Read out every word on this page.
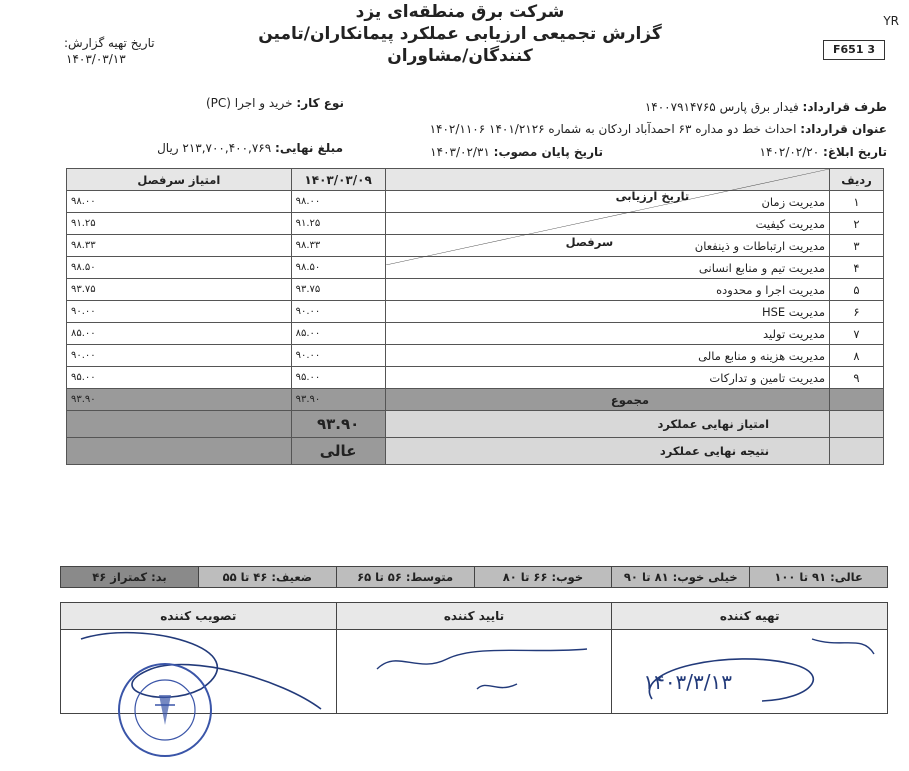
شرکت برق منطقه‌ای یزد
گزارش تجمیعی ارزیابی عملکرد پیمانکاران/تامین
کنندگان/مشاوران
YR
F651 3
تاریخ تهیه گزارش:
۱۴۰۳/۰۳/۱۳
طرف قرارداد: فیدار برق پارس ۱۴۰۰۷۹۱۴۷۶۵
نوع کار: خرید و اجرا (PC)
عنوان قرارداد: احداث خط دو مداره ۶۳ احمدآباد اردکان به شماره ۱۴۰۱/۲۱۲۶ ۱۴۰۲/۱۱۰۶
تاریخ ابلاغ: ۱۴۰۲/۰۲/۲۰
تاریخ پایان مصوب: ۱۴۰۳/۰۲/۳۱
مبلغ نهایی: ۲۱۳,۷۰۰,۴۰۰,۷۶۹ ریال
ردیف	تاریخ ارزیابی
سرفصل	۱۴۰۳/۰۳/۰۹	امتیاز سرفصل
۱	مدیریت زمان	۹۸.۰۰	۹۸.۰۰
۲	مدیریت کیفیت	۹۱.۲۵	۹۱.۲۵
۳	مدیریت ارتباطات و ذینفعان	۹۸.۳۳	۹۸.۳۳
۴	مدیریت تیم و منابع انسانی	۹۸.۵۰	۹۸.۵۰
۵	مدیریت اجرا و محدوده	۹۳.۷۵	۹۳.۷۵
۶	مدیریت HSE	۹۰.۰۰	۹۰.۰۰
۷	مدیریت تولید	۸۵.۰۰	۸۵.۰۰
۸	مدیریت هزینه و منابع مالی	۹۰.۰۰	۹۰.۰۰
۹	مدیریت تامین و تدارکات	۹۵.۰۰	۹۵.۰۰
	مجموع	۹۳.۹۰	۹۳.۹۰
	امتیاز نهایی عملکرد	۹۳.۹۰	
	نتیجه نهایی عملکرد	عالی	
عالی: ۹۱ تا ۱۰۰
خیلی خوب: ۸۱ تا ۹۰
خوب: ۶۶ تا ۸۰
متوسط: ۵۶ تا ۶۵
ضعیف: ۴۶ تا ۵۵
بد: کمتراز ۴۶
تهیه کننده
۱۴۰۳/۳/۱۳
تایید کننده
تصویب کننده
